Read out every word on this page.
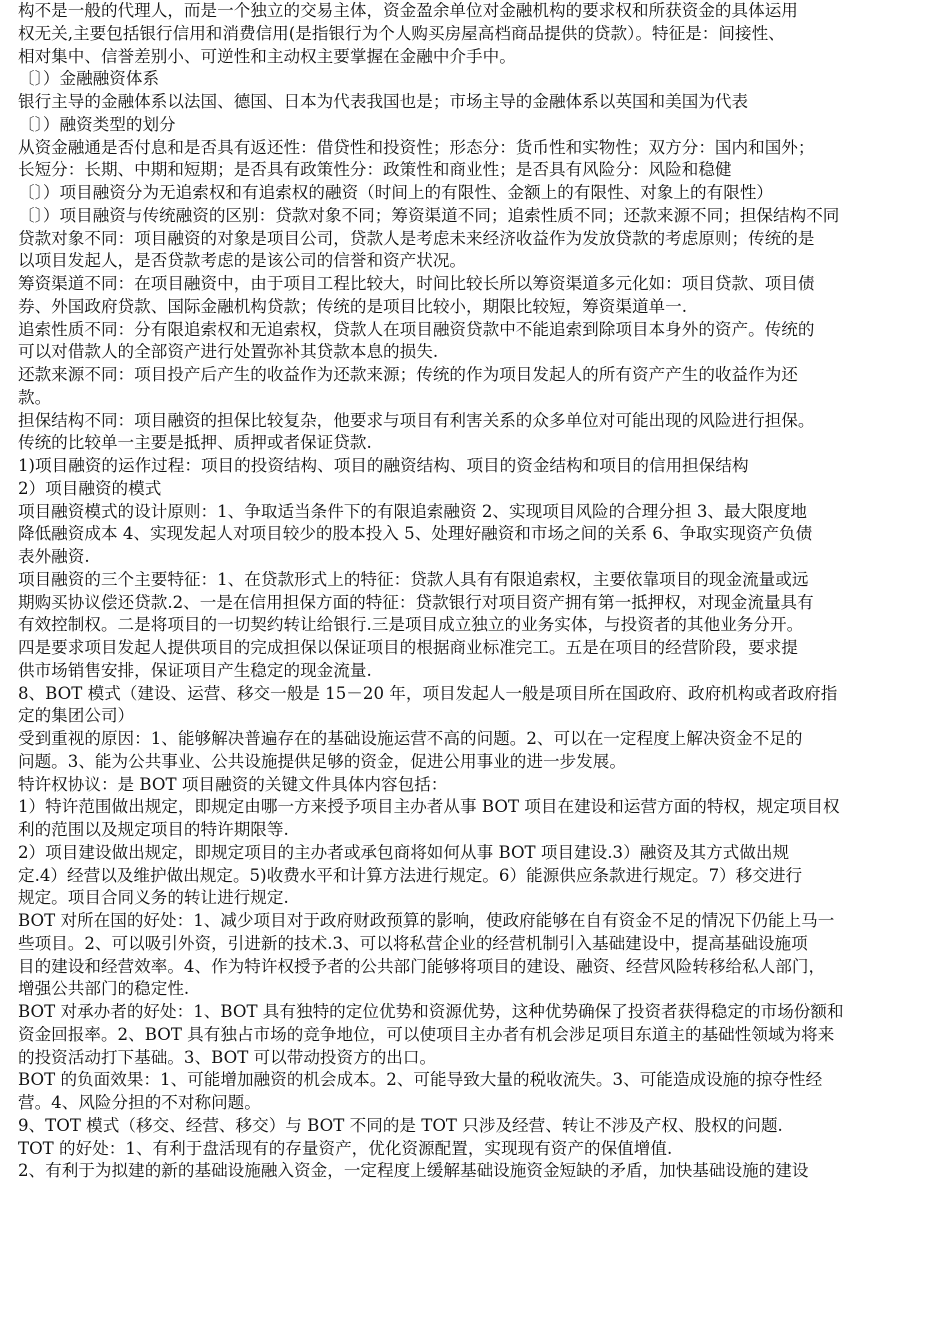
构不是一般的代理人，而是一个独立的交易主体，资金盈余单位对金融机构的要求权和所获资金的具体运用
权无关,主要包括银行信用和消费信用(是指银行为个人购买房屋高档商品提供的贷款）。特征是：间接性、
相对集中、信誉差别小、可逆性和主动权主要掌握在金融中介手中。
〔〕）金融融资体系
银行主导的金融体系以法国、德国、日本为代表我国也是；市场主导的金融体系以英国和美国为代表
〔〕）融资类型的划分
从资金融通是否付息和是否具有返还性：借贷性和投资性；形态分：货币性和实物性；双方分：国内和国外；
长短分：长期、中期和短期；是否具有政策性分：政策性和商业性；是否具有风险分：风险和稳健
〔〕）项目融资分为无追索权和有追索权的融资（时间上的有限性、金额上的有限性、对象上的有限性）
〔〕）项目融资与传统融资的区别：贷款对象不同；筹资渠道不同；追索性质不同；还款来源不同；担保结构不同
贷款对象不同：项目融资的对象是项目公司，贷款人是考虑未来经济收益作为发放贷款的考虑原则；传统的是
以项目发起人，是否贷款考虑的是该公司的信誉和资产状况。
筹资渠道不同：在项目融资中，由于项目工程比较大，时间比较长所以筹资渠道多元化如：项目贷款、项目债
券、外国政府贷款、国际金融机构贷款；传统的是项目比较小，期限比较短，筹资渠道单一.
追索性质不同：分有限追索权和无追索权，贷款人在项目融资贷款中不能追索到除项目本身外的资产。传统的
可以对借款人的全部资产进行处置弥补其贷款本息的损失.
还款来源不同：项目投产后产生的收益作为还款来源；传统的作为项目发起人的所有资产产生的收益作为还
款。
担保结构不同：项目融资的担保比较复杂，他要求与项目有利害关系的众多单位对可能出现的风险进行担保。
传统的比较单一主要是抵押、质押或者保证贷款.
1)项目融资的运作过程：项目的投资结构、项目的融资结构、项目的资金结构和项目的信用担保结构
2）项目融资的模式
项目融资模式的设计原则：1、争取适当条件下的有限追索融资 2、实现项目风险的合理分担 3、最大限度地
降低融资成本 4、实现发起人对项目较少的股本投入 5、处理好融资和市场之间的关系 6、争取实现资产负债
表外融资.
项目融资的三个主要特征：1、在贷款形式上的特征：贷款人具有有限追索权，主要依靠项目的现金流量或远
期购买协议偿还贷款.2、一是在信用担保方面的特征：贷款银行对项目资产拥有第一抵押权，对现金流量具有
有效控制权。二是将项目的一切契约转让给银行.三是项目成立独立的业务实体，与投资者的其他业务分开。
四是要求项目发起人提供项目的完成担保以保证项目的根据商业标准完工。五是在项目的经营阶段，要求提
供市场销售安排，保证项目产生稳定的现金流量.
8、BOT 模式（建设、运营、移交一般是 15－20 年，项目发起人一般是项目所在国政府、政府机构或者政府指
定的集团公司）
受到重视的原因：1、能够解决普遍存在的基础设施运营不高的问题。2、可以在一定程度上解决资金不足的
问题。3、能为公共事业、公共设施提供足够的资金，促进公用事业的进一步发展。
特许权协议：是 BOT 项目融资的关键文件具体内容包括：
1）特许范围做出规定，即规定由哪一方来授予项目主办者从事 BOT 项目在建设和运营方面的特权，规定项目权
利的范围以及规定项目的特许期限等.
2）项目建设做出规定，即规定项目的主办者或承包商将如何从事 BOT 项目建设.3）融资及其方式做出规
定.4）经营以及维护做出规定。5)收费水平和计算方法进行规定。6）能源供应条款进行规定。7）移交进行
规定。项目合同义务的转让进行规定.
BOT 对所在国的好处：1、减少项目对于政府财政预算的影响，使政府能够在自有资金不足的情况下仍能上马一
些项目。2、可以吸引外资，引进新的技术.3、可以将私营企业的经营机制引入基础建设中，提高基础设施项
目的建设和经营效率。4、作为特许权授予者的公共部门能够将项目的建设、融资、经营风险转移给私人部门，
增强公共部门的稳定性.
BOT 对承办者的好处：1、BOT 具有独特的定位优势和资源优势，这种优势确保了投资者获得稳定的市场份额和
资金回报率。2、BOT 具有独占市场的竞争地位，可以使项目主办者有机会涉足项目东道主的基础性领域为将来
的投资活动打下基础。3、BOT 可以带动投资方的出口。
BOT 的负面效果：1、可能增加融资的机会成本。2、可能导致大量的税收流失。3、可能造成设施的掠夺性经
营。4、风险分担的不对称问题。
9、TOT 模式（移交、经营、移交）与 BOT 不同的是 TOT 只涉及经营、转让不涉及产权、股权的问题.
TOT 的好处：1、有利于盘活现有的存量资产，优化资源配置，实现现有资产的保值增值.
2、有利于为拟建的新的基础设施融入资金，一定程度上缓解基础设施资金短缺的矛盾，加快基础设施的建设
